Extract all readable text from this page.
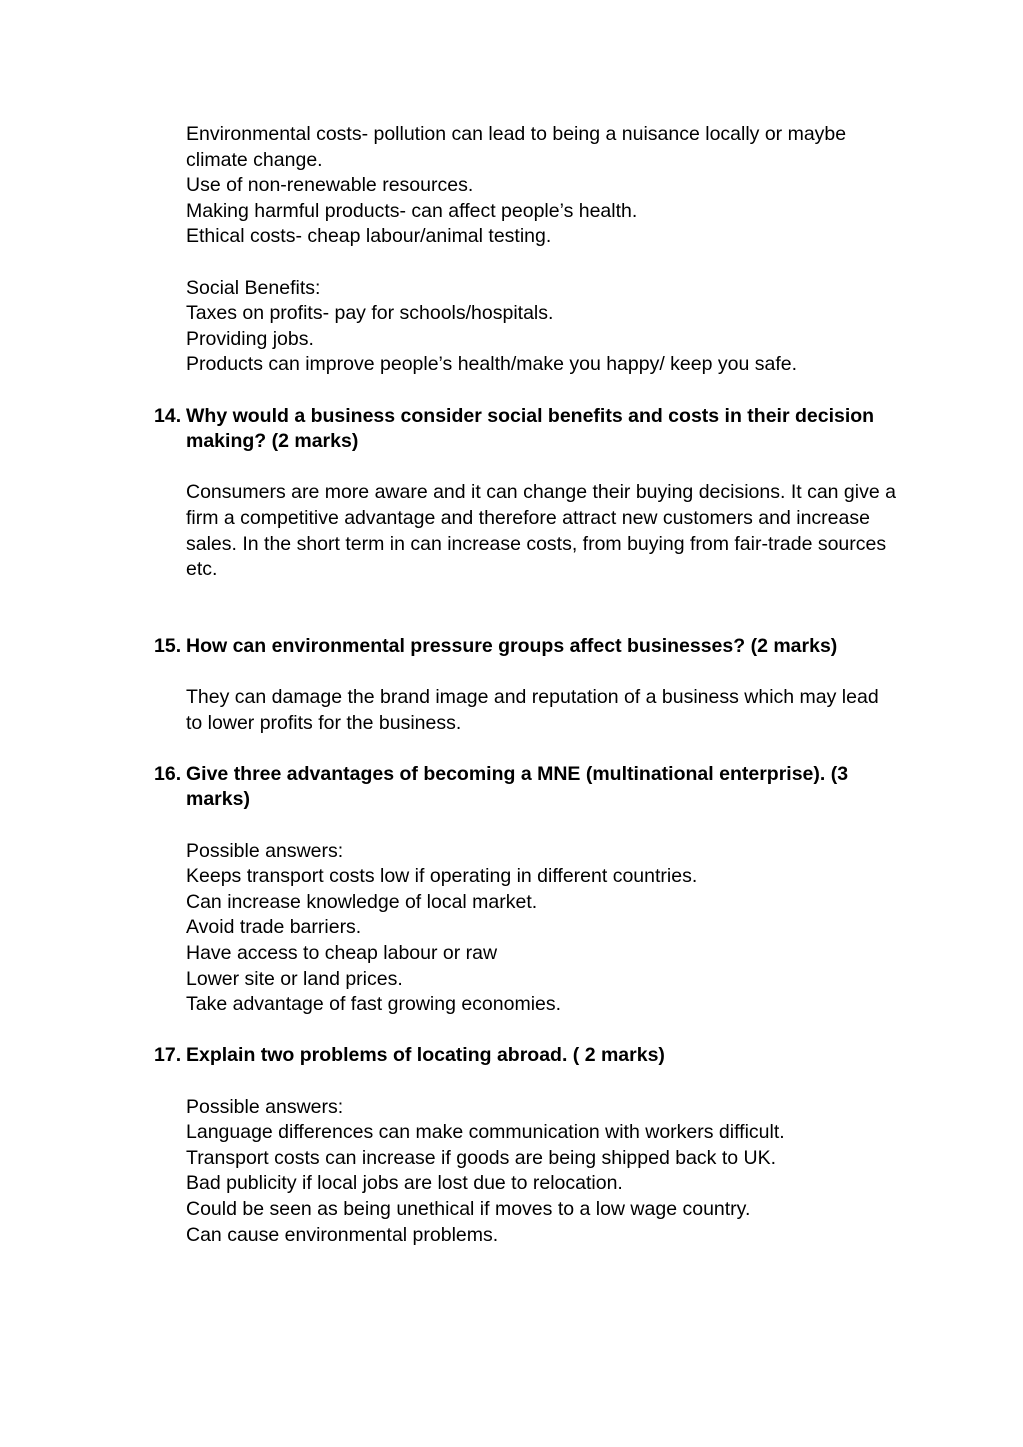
Environmental costs- pollution can lead to being a nuisance locally or maybe
climate change.
Use of non-renewable resources.
Making harmful products- can affect people’s health.
Ethical costs- cheap labour/animal testing.
Social Benefits:
Taxes on profits- pay for schools/hospitals.
Providing jobs.
Products can improve people’s health/make you happy/ keep you safe.
14. Why would a business consider social benefits and costs in their decision making? (2 marks)
Consumers are more aware and it can change their buying decisions. It can give a firm a competitive advantage and therefore attract new customers and increase sales. In the short term in can increase costs, from buying from fair-trade sources etc.
15. How can environmental pressure groups affect businesses? (2 marks)
They can damage the brand image and reputation of a business which may lead to lower profits for the business.
16. Give three advantages of becoming a MNE (multinational enterprise). (3 marks)
Possible answers:
Keeps transport costs low if operating in different countries.
Can increase knowledge of local market.
Avoid trade barriers.
Have access to cheap labour or raw
Lower site or land prices.
Take advantage of fast growing economies.
17. Explain two problems of locating abroad. ( 2 marks)
Possible answers:
Language differences can make communication with workers difficult.
Transport costs can increase if goods are being shipped back to UK.
Bad publicity if local jobs are lost due to relocation.
Could be seen as being unethical if moves to a low wage country.
Can cause environmental problems.
